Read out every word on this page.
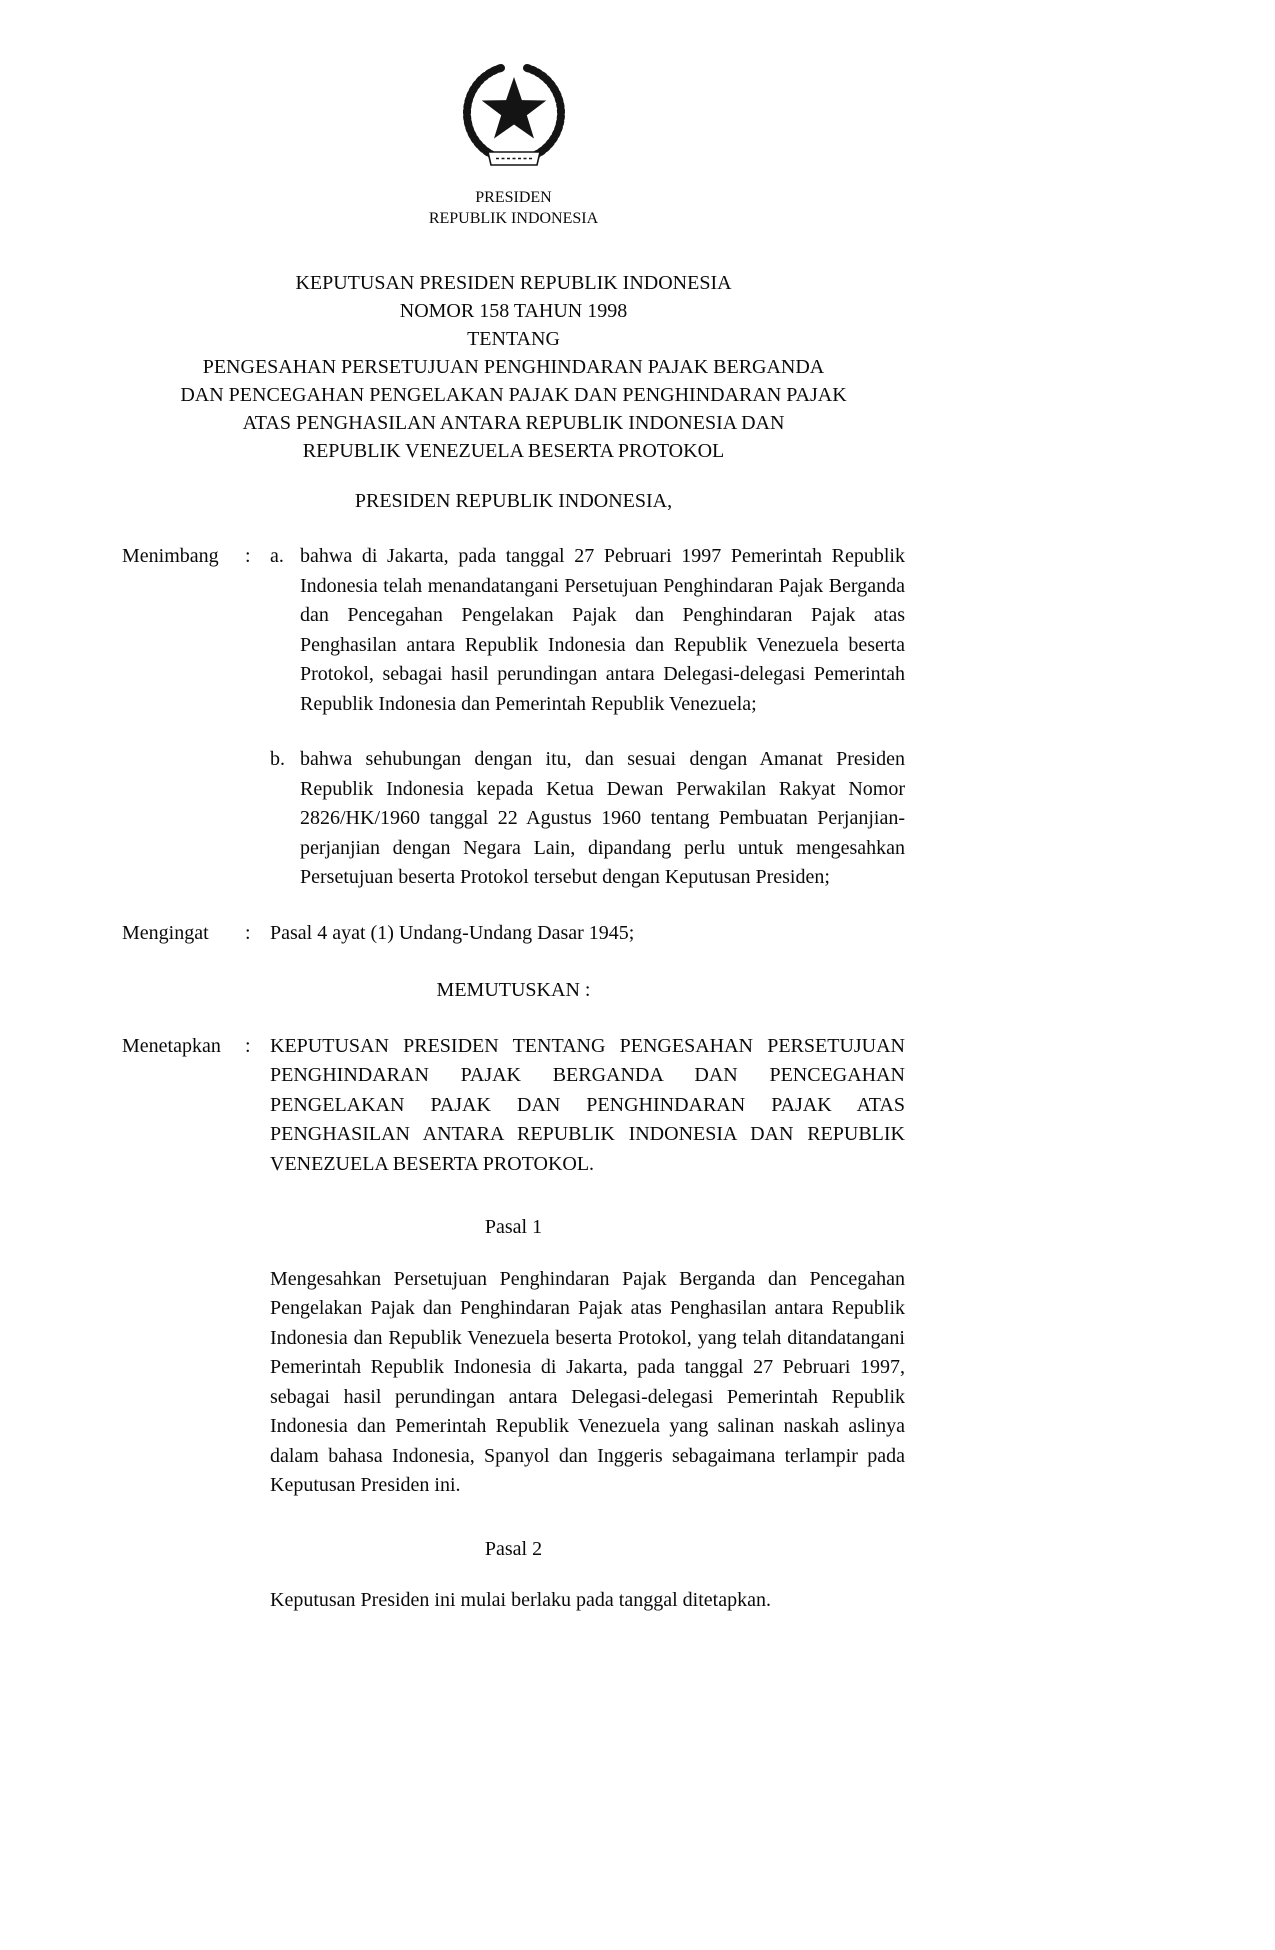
PRESIDEN
REPUBLIK INDONESIA
KEPUTUSAN PRESIDEN REPUBLIK INDONESIA
NOMOR 158 TAHUN 1998
TENTANG
PENGESAHAN PERSETUJUAN PENGHINDARAN PAJAK BERGANDA
DAN PENCEGAHAN PENGELAKAN PAJAK DAN PENGHINDARAN PAJAK
ATAS PENGHASILAN ANTARA REPUBLIK INDONESIA DAN
REPUBLIK VENEZUELA BESERTA PROTOKOL
PRESIDEN REPUBLIK INDONESIA,
Menimbang	: a. bahwa di Jakarta, pada tanggal 27 Pebruari 1997 Pemerintah Republik Indonesia telah menandatangani Persetujuan Penghindaran Pajak Berganda dan Pencegahan Pengelakan Pajak dan Penghindaran Pajak atas Penghasilan antara Republik Indonesia dan Republik Venezuela beserta Protokol, sebagai hasil perundingan antara Delegasi-delegasi Pemerintah Republik Indonesia dan Pemerintah Republik Venezuela;
b. bahwa sehubungan dengan itu, dan sesuai dengan Amanat Presiden Republik Indonesia kepada Ketua Dewan Perwakilan Rakyat Nomor 2826/HK/1960 tanggal 22 Agustus 1960 tentang Pembuatan Perjanjian-perjanjian dengan Negara Lain, dipandang perlu untuk mengesahkan Persetujuan beserta Protokol tersebut dengan Keputusan Presiden;
Mengingat	: Pasal 4 ayat (1) Undang-Undang Dasar 1945;
MEMUTUSKAN :
Menetapkan	: KEPUTUSAN PRESIDEN TENTANG PENGESAHAN PERSETUJUAN PENGHINDARAN PAJAK BERGANDA DAN PENCEGAHAN PENGELAKAN PAJAK DAN PENGHINDARAN PAJAK ATAS PENGHASILAN ANTARA REPUBLIK INDONESIA DAN REPUBLIK VENEZUELA BESERTA PROTOKOL.
Pasal 1
Mengesahkan Persetujuan Penghindaran Pajak Berganda dan Pencegahan Pengelakan Pajak dan Penghindaran Pajak atas Penghasilan antara Republik Indonesia dan Republik Venezuela beserta Protokol, yang telah ditandatangani Pemerintah Republik Indonesia di Jakarta, pada tanggal 27 Pebruari 1997, sebagai hasil perundingan antara Delegasi-delegasi Pemerintah Republik Indonesia dan Pemerintah Republik Venezuela yang salinan naskah aslinya dalam bahasa Indonesia, Spanyol dan Inggeris sebagaimana terlampir pada Keputusan Presiden ini.
Pasal 2
Keputusan Presiden ini mulai berlaku pada tanggal ditetapkan.
